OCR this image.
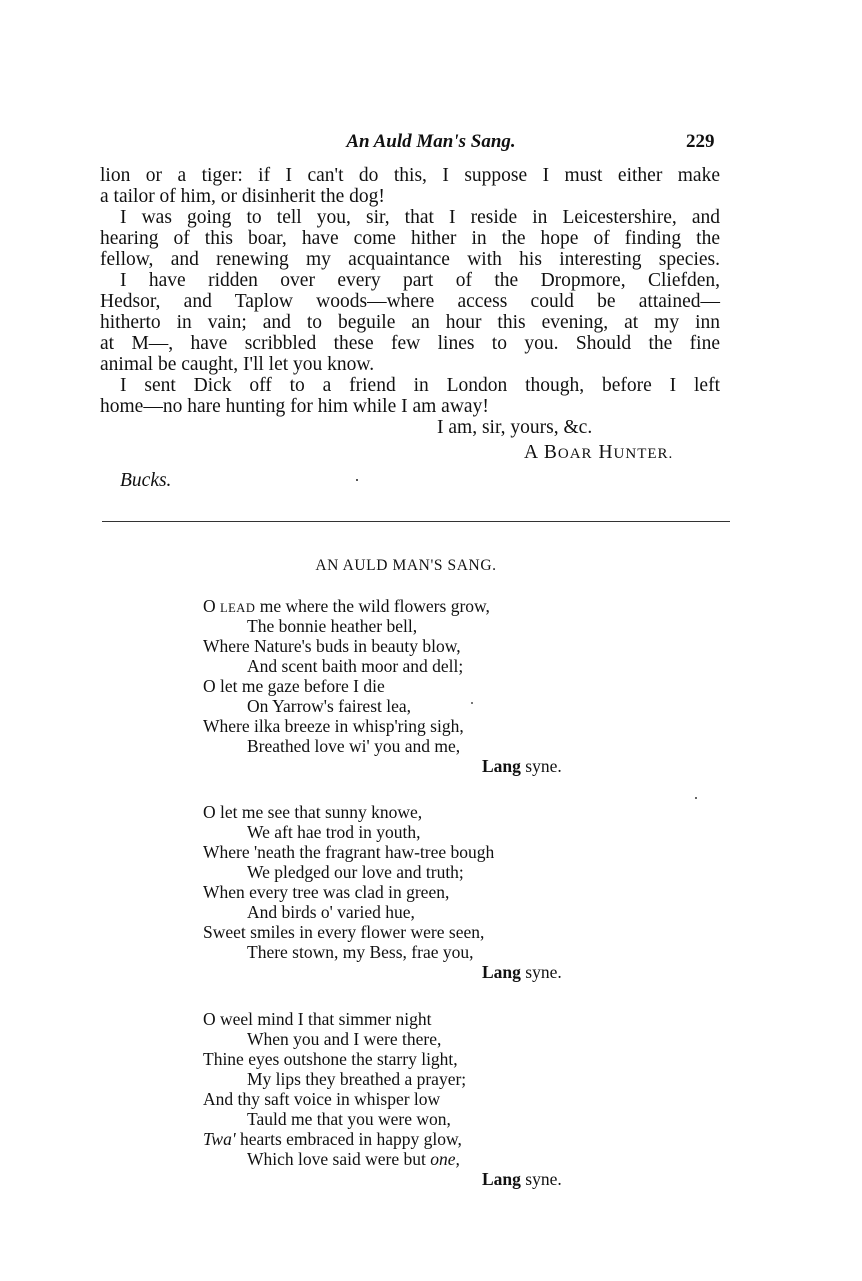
An Auld Man's Sang.	229
lion or a tiger: if I can't do this, I suppose I must either make
a tailor of him, or disinherit the dog!
I was going to tell you, sir, that I reside in Leicestershire, and
hearing of this boar, have come hither in the hope of finding the
fellow, and renewing my acquaintance with his interesting species.
I have ridden over every part of the Dropmore, Cliefden,
Hedsor, and Taplow woods—where access could be attained—
hitherto in vain; and to beguile an hour this evening, at my inn
at M—, have scribbled these few lines to you. Should the fine
animal be caught, I'll let you know.
I sent Dick off to a friend in London though, before I left
home—no hare hunting for him while I am away!
I am, sir, yours, &c.
A BOAR HUNTER.
Bucks.
AN AULD MAN'S SANG.
O LEAD me where the wild flowers grow,
The bonnie heather bell,
Where Nature's buds in beauty blow,
And scent baith moor and dell;
O let me gaze before I die
On Yarrow's fairest lea,
Where ilka breeze in whisp'ring sigh,
Breathed love wi' you and me,
Lang syne.
O let me see that sunny knowe,
We aft hae trod in youth,
Where 'neath the fragrant haw-tree bough
We pledged our love and truth;
When every tree was clad in green,
And birds o' varied hue,
Sweet smiles in every flower were seen,
There stown, my Bess, frae you,
Lang syne.
O weel mind I that simmer night
When you and I were there,
Thine eyes outshone the starry light,
My lips they breathed a prayer;
And thy saft voice in whisper low
Tauld me that you were won,
Twa' hearts embraced in happy glow,
Which love said were but one,
Lang syne.
